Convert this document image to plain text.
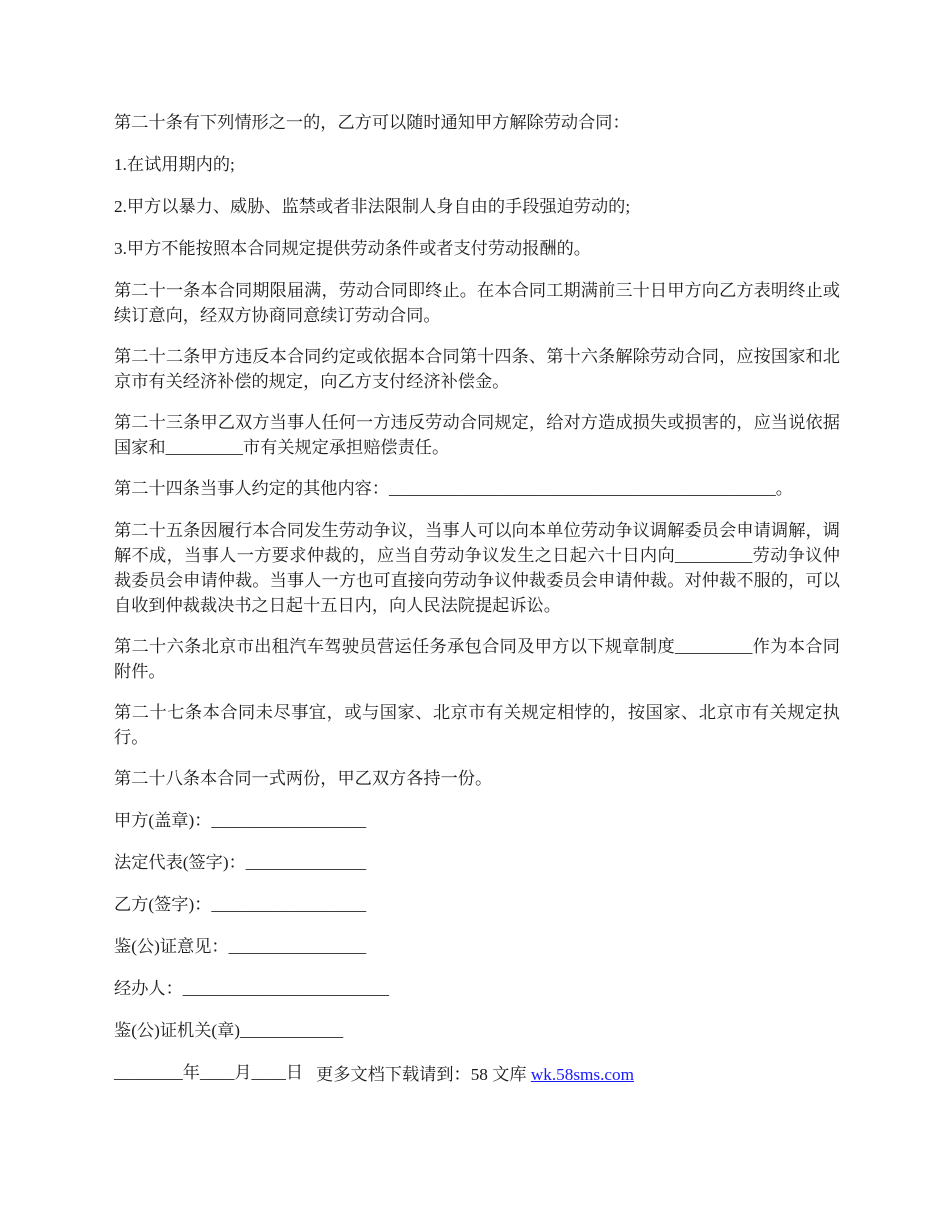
第二十条有下列情形之一的，乙方可以随时通知甲方解除劳动合同：

1.在试用期内的;

2.甲方以暴力、威胁、监禁或者非法限制人身自由的手段强迫劳动的;

3.甲方不能按照本合同规定提供劳动条件或者支付劳动报酬的。

第二十一条本合同期限届满，劳动合同即终止。在本合同工期满前三十日甲方向乙方表明终止或续订意向，经双方协商同意续订劳动合同。

第二十二条甲方违反本合同约定或依据本合同第十四条、第十六条解除劳动合同，应按国家和北京市有关经济补偿的规定，向乙方支付经济补偿金。

第二十三条甲乙双方当事人任何一方违反劳动合同规定，给对方造成损失或损害的，应当说依据国家和_________市有关规定承担赔偿责任。

第二十四条当事人约定的其他内容：_____________________________________________。

第二十五条因履行本合同发生劳动争议，当事人可以向本单位劳动争议调解委员会申请调解，调解不成，当事人一方要求仲裁的，应当自劳动争议发生之日起六十日内向_________劳动争议仲裁委员会申请仲裁。当事人一方也可直接向劳动争议仲裁委员会申请仲裁。对仲裁不服的，可以自收到仲裁裁决书之日起十五日内，向人民法院提起诉讼。

第二十六条北京市出租汽车驾驶员营运任务承包合同及甲方以下规章制度_________作为本合同附件。

第二十七条本合同未尽事宜，或与国家、北京市有关规定相悖的，按国家、北京市有关规定执行。

第二十八条本合同一式两份，甲乙双方各持一份。

甲方(盖章)：__________________

法定代表(签字)：______________

乙方(签字)：__________________

鉴(公)证意见：________________

经办人：________________________

鉴(公)证机关(章)____________

________年____月____日 更多文档下载请到：58 文库 wk.58sms.com
